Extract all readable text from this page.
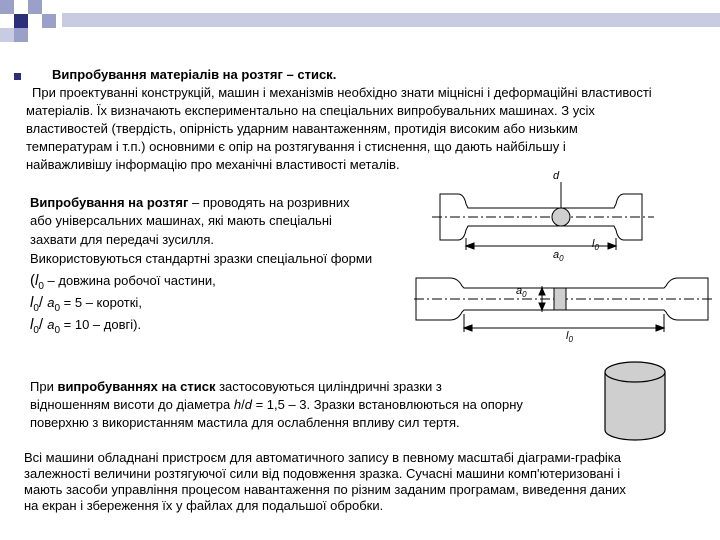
Випробування матеріалів на розтяг – стиск.
При проектуванні конструкцій, машин і механізмів необхідно знати міцнісні і деформаційні властивості
матеріалів. Їх визначають експериментально на спеціальних випробувальних машинах. З усіх
властивостей (твердість, опірність ударним навантаженням, протидія високим або низьким
температурам і т.п.) основними є опір на розтягування і стиснення, що дають найбільшу і
найважливішу інформацію про механічні властивості металів.
Випробування на розтяг – проводять на розривних
або універсальних машинах, які мають спеціальні
захвати для передачі зусилля.
Використовуються стандартні зразки спеціальної форми
($l_0$ – довжина робочої частини,
$l_0/$ $a_0 = 5$ – короткі,
$l_0/$ $a_0 = 10$ – довгі).
d
$a_0$
$l_0$
$a_0$
$l_0$
При випробуваннях на стиск застосовуються циліндричні зразки з
відношенням висоти до діаметра h/d = 1,5 – 3. Зразки встановлюються на опорну
поверхню з використанням мастила для ослаблення впливу сил тертя.
Всі машини обладнані пристроєм для автоматичного запису в певному масштабі діаграми-графіка
залежності величини розтягуючої сили від подовження зразка. Сучасні машини комп'ютеризовані і
мають засоби управління процесом навантаження по різним заданим програмам, виведення даних
на екран і збереження їх у файлах для подальшої обробки.
